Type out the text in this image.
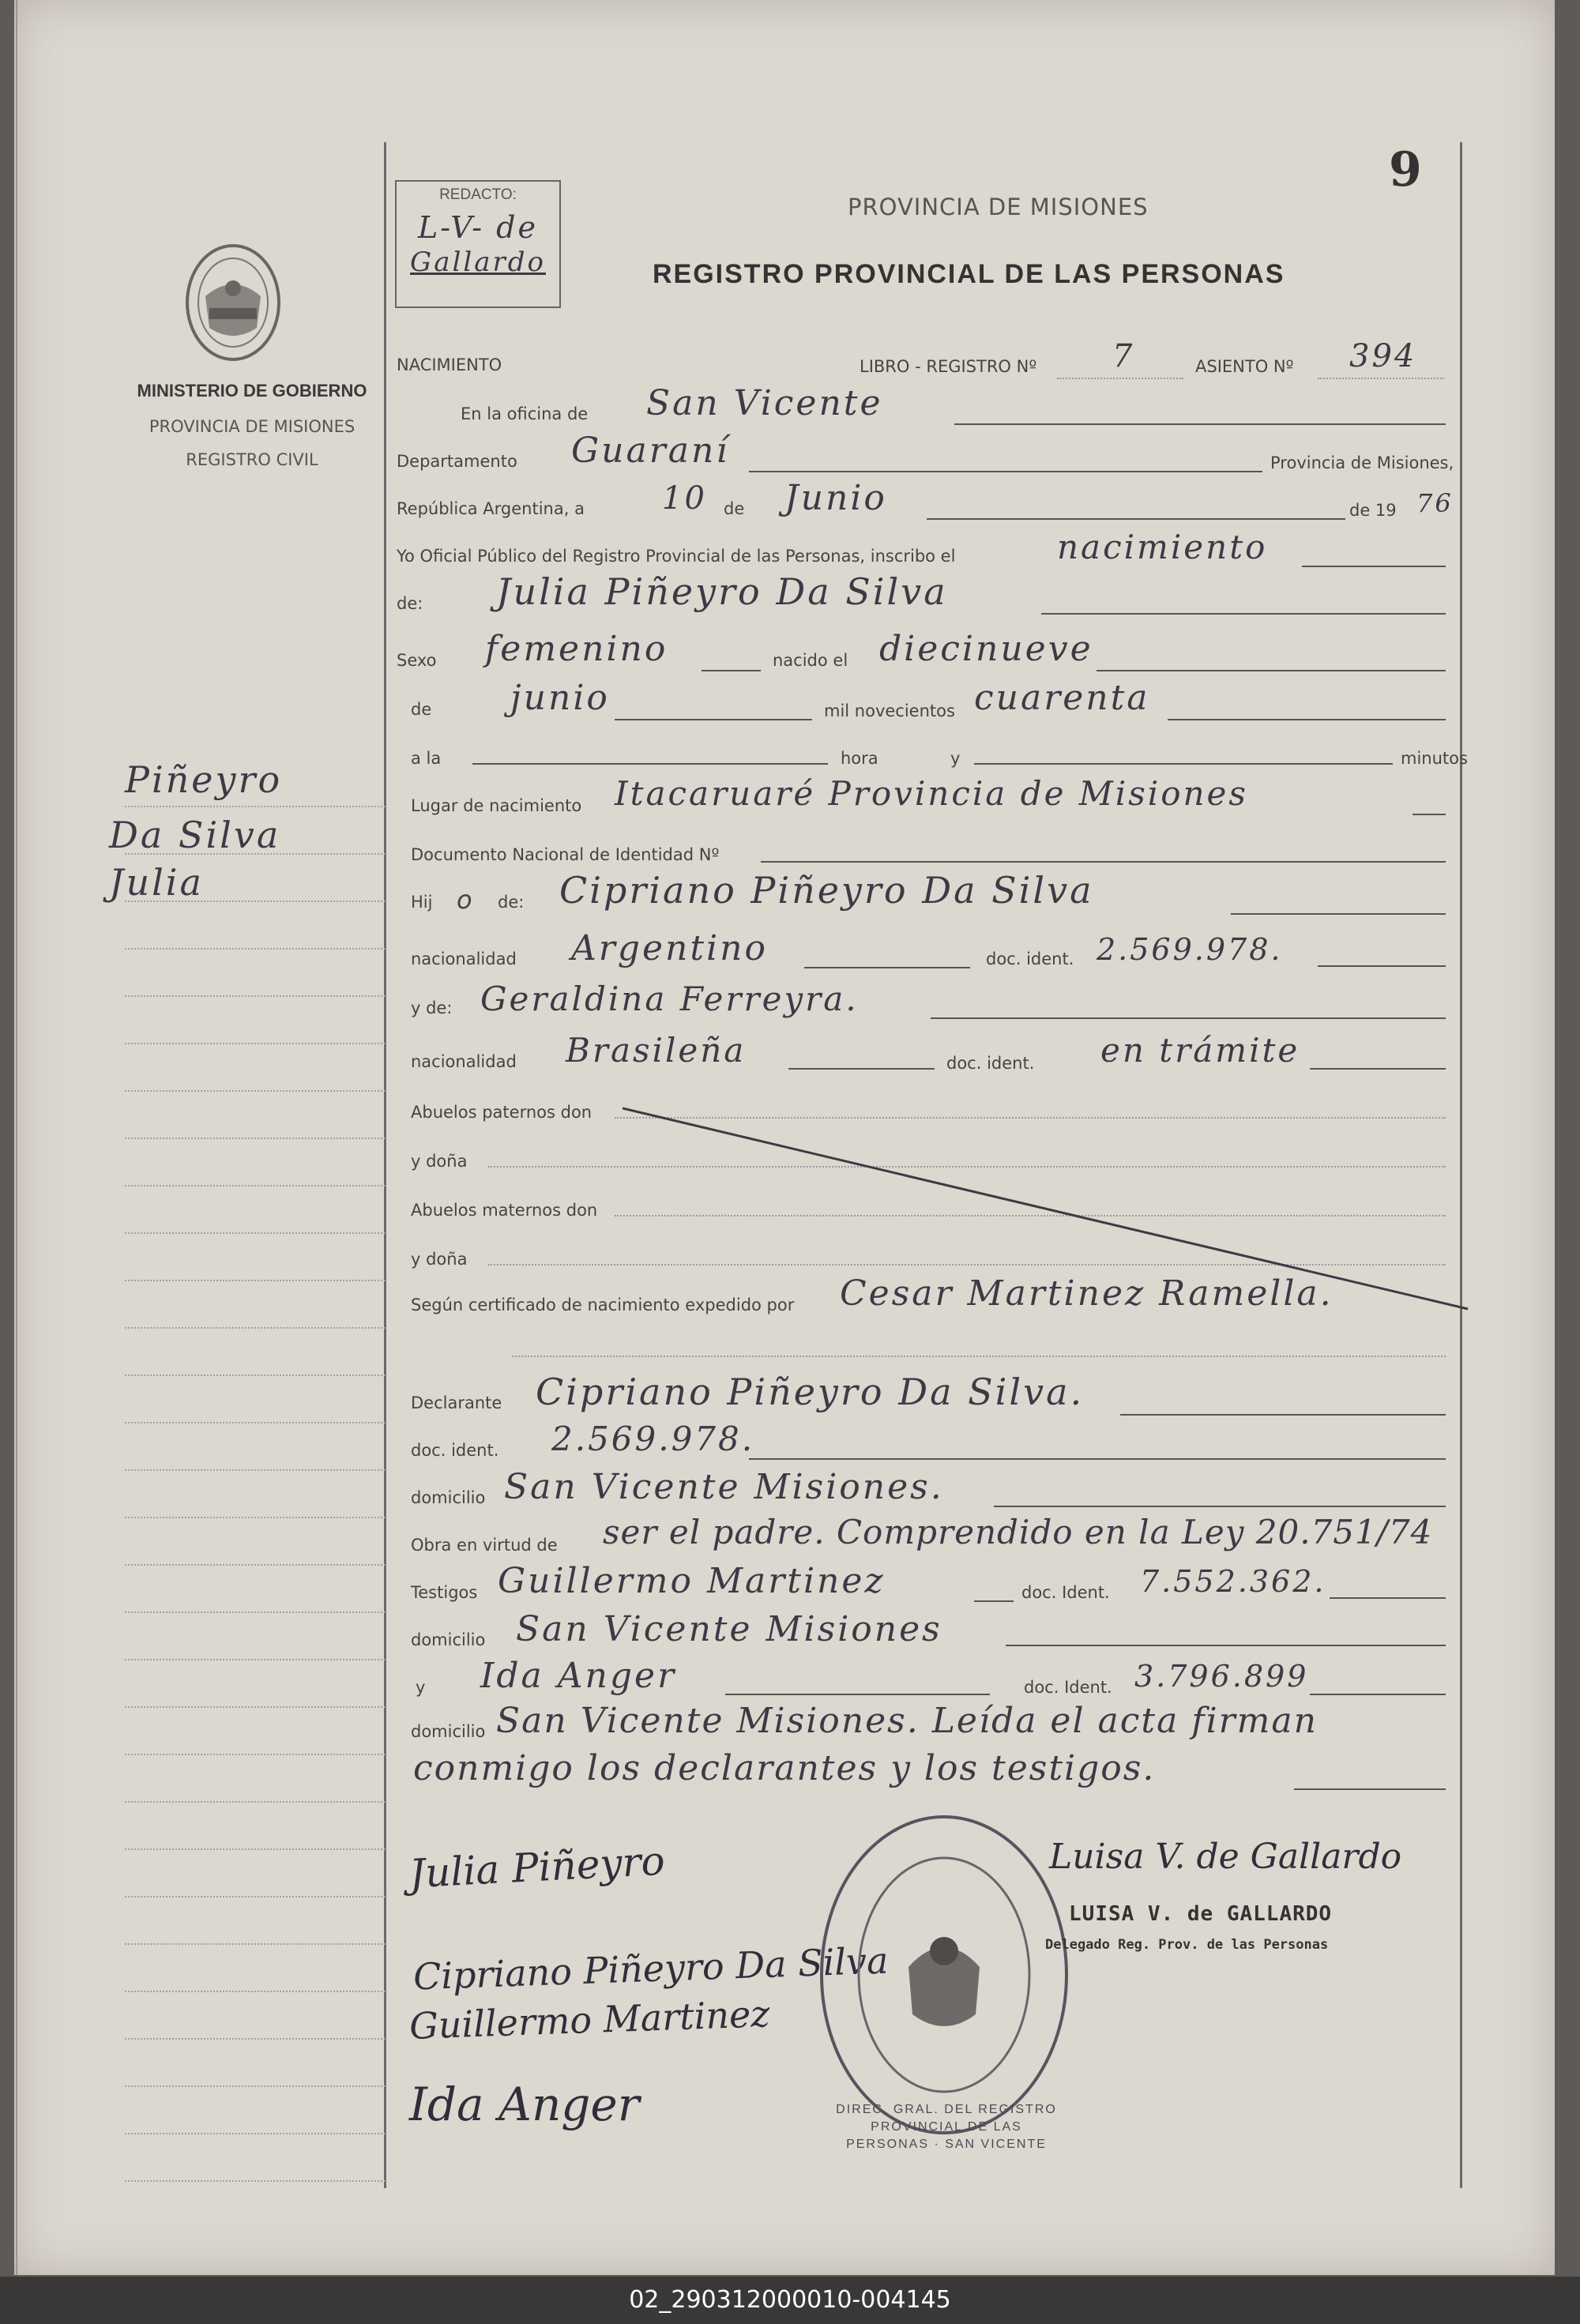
9
REDACTO:
L-V- de
Gallardo
PROVINCIA DE MISIONES
REGISTRO PROVINCIAL DE LAS PERSONAS
MINISTERIO DE GOBIERNO
PROVINCIA DE MISIONES
REGISTRO CIVIL
Piñeyro
Da Silva
Julia
NACIMIENTO	LIBRO - REGISTRO Nº 7	ASIENTO Nº 394
En la oficina de San Vicente
Departamento Guaraní	Provincia de Misiones,
República Argentina, a 10 de Junio	de 19 76
Yo Oficial Público del Registro Provincial de las Personas, inscribo el	nacimiento
de: Julia Piñeyro Da Silva
Sexo femenino	nacido el diecinueve
de junio	mil novecientos cuarenta
a la	hora	y	minutos
Lugar de nacimiento Itacaruaré Provincia de Misiones
Documento Nacional de Identidad Nº
Hij o de: Cipriano Piñeyro Da Silva
nacionalidad Argentino	doc. ident. 2.569.978.
y de: Geraldina Ferreyra.
nacionalidad Brasileña	doc. ident. en trámite
Abuelos paternos don
y doña
Abuelos maternos don
y doña
Según certificado de nacimiento expedido por Cesar Martinez Ramella.
Declarante Cipriano Piñeyro Da Silva.
doc. ident. 2.569.978.
domicilio San Vicente Misiones.
Obra en virtud de ser el padre. Comprendido en la Ley 20.751/74
Testigos Guillermo Martinez	doc. Ident. 7.552.362.
domicilio San Vicente Misiones
y Ida Anger	doc. Ident. 3.796.899
domicilio San Vicente Misiones. Leída el acta firman
conmigo los declarantes y los testigos.
Julia Piñeyro
Cipriano Piñeyro Da Silva
Guillermo Martinez
Ida Anger	DIREC. GRAL. DEL REGISTRO PROVINCIAL DE LAS PERSONAS · SAN VICENTE
Luisa V. de Gallardo
LUISA V. de GALLARDO
Delegado Reg. Prov. de las Personas
02_290312000010-004145
